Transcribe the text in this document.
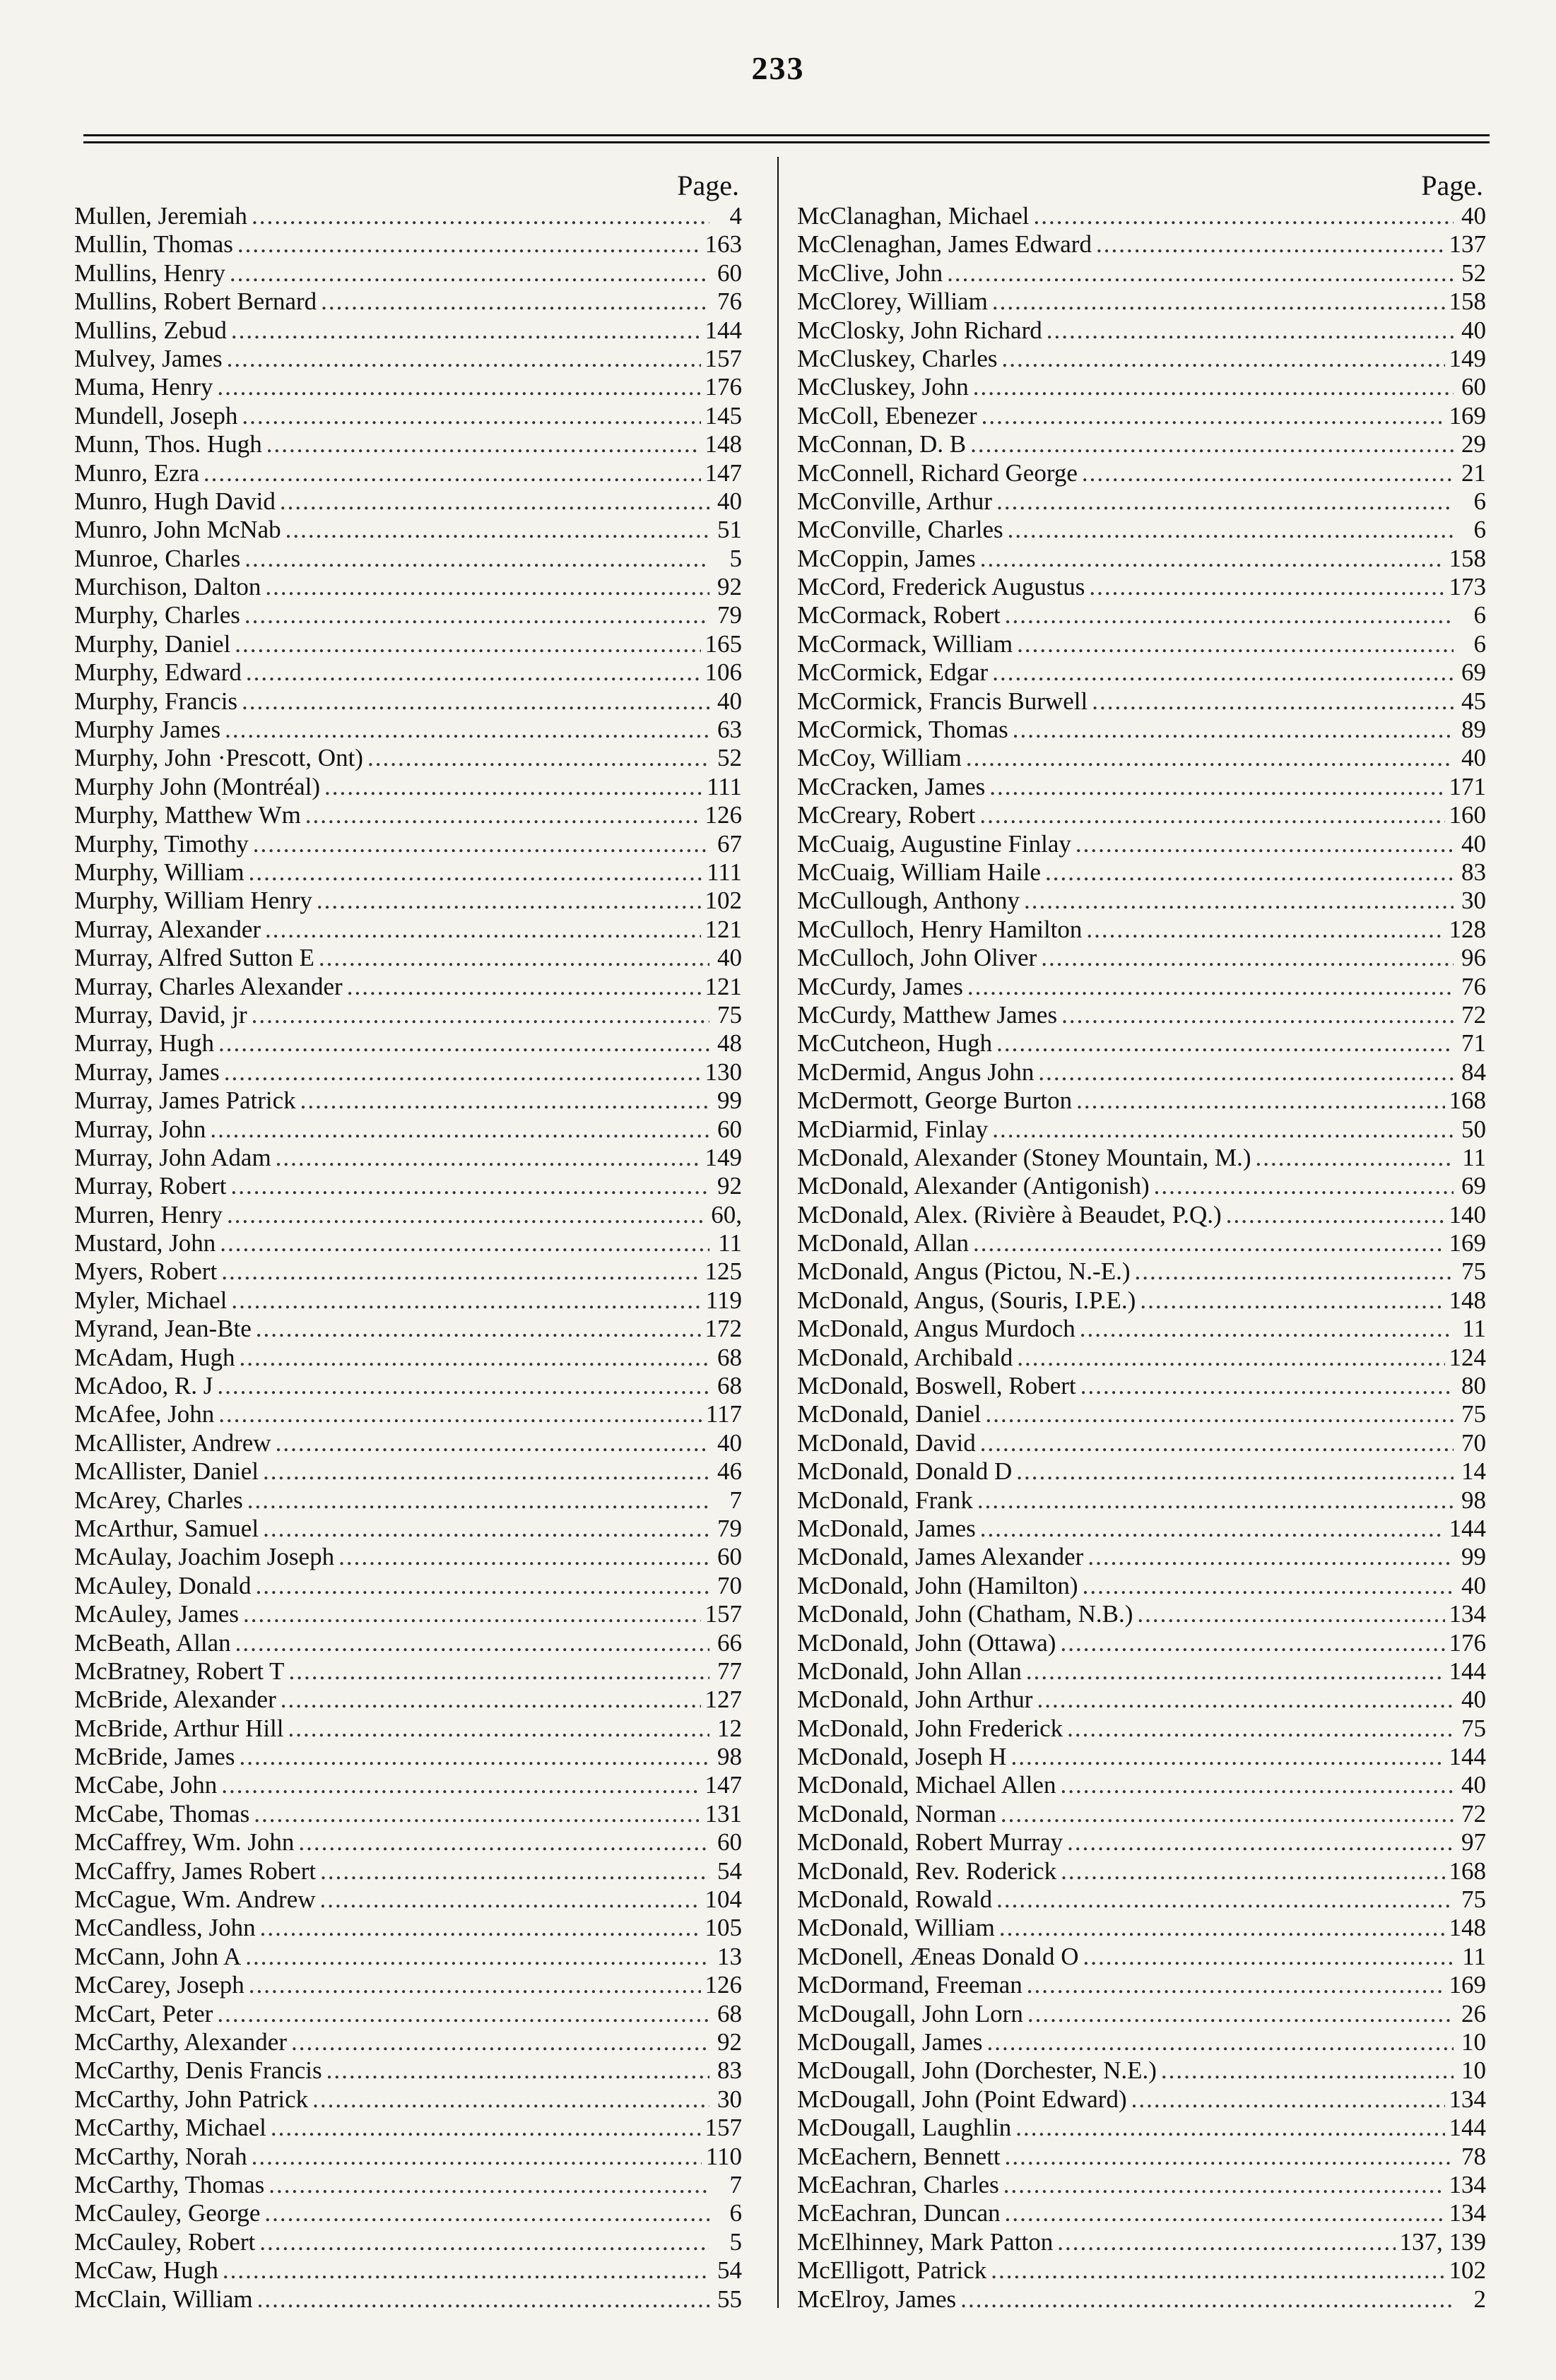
233
Page.
Mullen, Jeremiah .....	4
Mullin, Thomas .....	163
Mullins, Henry .....	60
Mullins, Robert Bernard .....	76
Mullins, Zebud .....	144
Mulvey, James .....	157
Muma, Henry .....	176
Mundell, Joseph .....	145
Munn, Thos. Hugh .....	148
Munro, Ezra .....	147
Munro, Hugh David .....	40
Munro, John McNab .....	51
Munroe, Charles .....	5
Murchison, Dalton .....	92
Murphy, Charles .....	79
Murphy, Daniel .....	165
Murphy, Edward .....	106
Murphy, Francis .....	40
Murphy James .....	63
Murphy, John ·Prescott, Ont) .....	52
Murphy John (Montréal) .....	111
Murphy, Matthew Wm .....	126
Murphy, Timothy .....	67
Murphy, William .....	111
Murphy, William Henry .....	102
Murray, Alexander .....	121
Murray, Alfred Sutton E .....	40
Murray, Charles Alexander .....	121
Murray, David, jr .....	75
Murray, Hugh .....	48
Murray, James .....	130
Murray, James Patrick .....	99
Murray, John .....	60
Murray, John Adam .....	149
Murray, Robert .....	92
Murren, Henry .....	60,
Mustard, John .....	11
Myers, Robert .....	125
Myler, Michael .....	119
Myrand, Jean-Bte .....	172
McAdam, Hugh .....	68
McAdoo, R. J .....	68
McAfee, John .....	117
McAllister, Andrew .....	40
McAllister, Daniel .....	46
McArey, Charles .....	7
McArthur, Samuel .....	79
McAulay, Joachim Joseph .....	60
McAuley, Donald .....	70
McAuley, James .....	157
McBeath, Allan .....	66
McBratney, Robert T .....	77
McBride, Alexander .....	127
McBride, Arthur Hill .....	12
McBride, James .....	98
McCabe, John .....	147
McCabe, Thomas .....	131
McCaffrey, Wm. John .....	60
McCaffry, James Robert .....	54
McCague, Wm. Andrew .....	104
McCandless, John .....	105
McCann, John A .....	13
McCarey, Joseph .....	126
McCart, Peter .....	68
McCarthy, Alexander .....	92
McCarthy, Denis Francis .....	83
McCarthy, John Patrick .....	30
McCarthy, Michael .....	157
McCarthy, Norah .....	110
McCarthy, Thomas .....	7
McCauley, George .....	6
McCauley, Robert .....	5
McCaw, Hugh .....	54
McClain, William .....	55
Page.
McClanaghan, Michael .....	40
McClenaghan, James Edward .....	137
McClive, John .....	52
McClorey, William .....	158
McClosky, John Richard .....	40
McCluskey, Charles .....	149
McCluskey, John .....	60
McColl, Ebenezer .....	169
McConnan, D. B .....	29
McConnell, Richard George .....	21
McConville, Arthur .....	6
McConville, Charles .....	6
McCoppin, James .....	158
McCord, Frederick Augustus .....	173
McCormack, Robert .....	6
McCormack, William .....	6
McCormick, Edgar .....	69
McCormick, Francis Burwell .....	45
McCormick, Thomas .....	89
McCoy, William .....	40
McCracken, James .....	171
McCreary, Robert .....	160
McCuaig, Augustine Finlay .....	40
McCuaig, William Haile .....	83
McCullough, Anthony .....	30
McCulloch, Henry Hamilton .....	128
McCulloch, John Oliver .....	96
McCurdy, James .....	76
McCurdy, Matthew James .....	72
McCutcheon, Hugh .....	71
McDermid, Angus John .....	84
McDermott, George Burton .....	168
McDiarmid, Finlay .....	50
McDonald, Alexander (Stoney Mountain, M.) .....	11
McDonald, Alexander (Antigonish) .....	69
McDonald, Alex. (Rivière à Beaudet, P.Q.) .....	140
McDonald, Allan .....	169
McDonald, Angus (Pictou, N.-E.) .....	75
McDonald, Angus, (Souris, I.P.E.) .....	148
McDonald, Angus Murdoch .....	11
McDonald, Archibald .....	124
McDonald, Boswell, Robert .....	80
McDonald, Daniel .....	75
McDonald, David .....	70
McDonald, Donald D .....	14
McDonald, Frank .....	98
McDonald, James .....	144
McDonald, James Alexander .....	99
McDonald, John (Hamilton) .....	40
McDonald, John (Chatham, N.B.) .....	134
McDonald, John (Ottawa) .....	176
McDonald, John Allan .....	144
McDonald, John Arthur .....	40
McDonald, John Frederick .....	75
McDonald, Joseph H .....	144
McDonald, Michael Allen .....	40
McDonald, Norman .....	72
McDonald, Robert Murray .....	97
McDonald, Rev. Roderick .....	168
McDonald, Rowald .....	75
McDonald, William .....	148
McDonell, Æneas Donald O .....	11
McDormand, Freeman .....	169
McDougall, John Lorn .....	26
McDougall, James .....	10
McDougall, John (Dorchester, N.E.) .....	10
McDougall, John (Point Edward) .....	134
McDougall, Laughlin .....	144
McEachern, Bennett .....	78
McEachran, Charles .....	134
McEachran, Duncan .....	134
McElhinney, Mark Patton .....	137, 139
McElligott, Patrick .....	102
McElroy, James .....	2
